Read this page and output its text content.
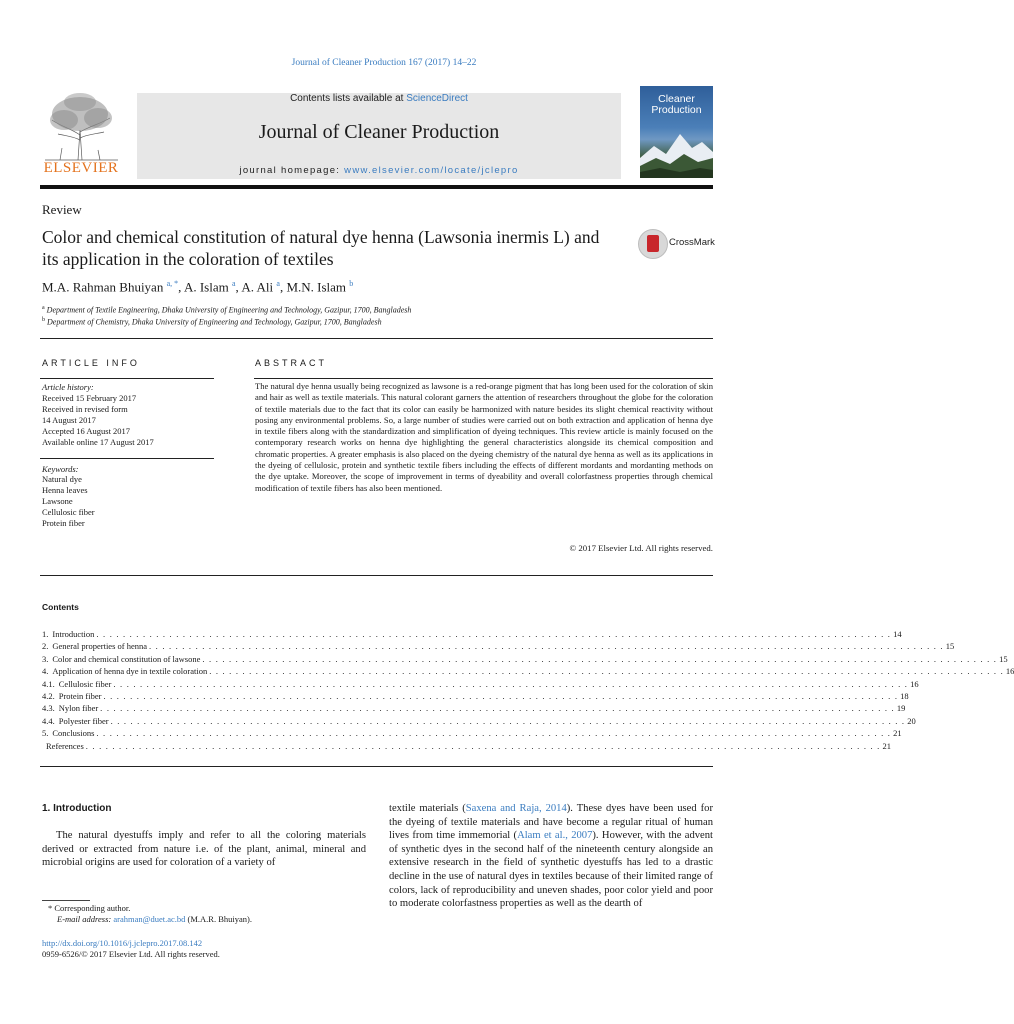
Journal of Cleaner Production 167 (2017) 14–22
ELSEVIER
Contents lists available at ScienceDirect
Journal of Cleaner Production
journal homepage: www.elsevier.com/locate/jclepro
Cleaner
Production
Review
Color and chemical constitution of natural dye henna (Lawsonia inermis L) and its application in the coloration of textiles
CrossMark
M.A. Rahman Bhuiyan $^{a, *}$, A. Islam $^a$, A. Ali $^a$, M.N. Islam $^b$
$^a$ Department of Textile Engineering, Dhaka University of Engineering and Technology, Gazipur, 1700, Bangladesh
$^b$ Department of Chemistry, Dhaka University of Engineering and Technology, Gazipur, 1700, Bangladesh
ARTICLE INFO
Article history:
Received 15 February 2017
Received in revised form
14 August 2017
Accepted 16 August 2017
Available online 17 August 2017
Keywords:
Natural dye
Henna leaves
Lawsone
Cellulosic fiber
Protein fiber
ABSTRACT
The natural dye henna usually being recognized as lawsone is a red-orange pigment that has long been used for the coloration of skin and hair as well as textile materials. This natural colorant garners the attention of researchers throughout the globe for the coloration of textile materials due to the fact that its color can easily be harmonized with nature besides its slight chemical reactivity without posing any environmental problems. So, a large number of studies were carried out on both extraction and application of henna dye in textile fibers along with the standardization and simplification of dyeing techniques. This review article is mainly focused on the contemporary research works on henna dye highlighting the general characteristics alongside its chemical composition and chromatic properties. A greater emphasis is also placed on the dyeing chemistry of the natural dye henna as well as its applications in the dyeing of cellulosic, protein and synthetic textile fibers including the effects of different mordants and mordanting methods on the dye uptake. Moreover, the scope of improvement in terms of dyeability and overall colorfastness properties through chemical modification of textile fibers has also been mentioned.
© 2017 Elsevier Ltd. All rights reserved.
Contents
1. Introduction . . . . . . . . . . . . . . . . . . . . . . . . . . . . . . . . . . . . . . . . . . . . . . . . . . . . . . . . . . . . . . . . . . . . . . . . . . . . . . . . . . . . . . . . . . . . . . . . . . . . . . . . . . . . . . . . . . . . . . . . 14
2. General properties of henna . . . . . . . . . . . . . . . . . . . . . . . . . . . . . . . . . . . . . . . . . . . . . . . . . . . . . . . . . . . . . . . . . . . . . . . . . . . . . . . . . . . . . . . . . . . . . . . . . . . . . . . . . . . . . . . . . . . . . . . . 15
3. Color and chemical constitution of lawsone . . . . . . . . . . . . . . . . . . . . . . . . . . . . . . . . . . . . . . . . . . . . . . . . . . . . . . . . . . . . . . . . . . . . . . . . . . . . . . . . . . . . . . . . . . . . . . . . . . . . . . . . . . . . . . . . . . . . . . . . 15
4. Application of henna dye in textile coloration . . . . . . . . . . . . . . . . . . . . . . . . . . . . . . . . . . . . . . . . . . . . . . . . . . . . . . . . . . . . . . . . . . . . . . . . . . . . . . . . . . . . . . . . . . . . . . . . . . . . . . . . . . . . . . . . . . . . . . . . 16
4.1. Cellulosic fiber . . . . . . . . . . . . . . . . . . . . . . . . . . . . . . . . . . . . . . . . . . . . . . . . . . . . . . . . . . . . . . . . . . . . . . . . . . . . . . . . . . . . . . . . . . . . . . . . . . . . . . . . . . . . . . . . . . . . . . . . 16
4.2. Protein fiber . . . . . . . . . . . . . . . . . . . . . . . . . . . . . . . . . . . . . . . . . . . . . . . . . . . . . . . . . . . . . . . . . . . . . . . . . . . . . . . . . . . . . . . . . . . . . . . . . . . . . . . . . . . . . . . . . . . . . . . . 18
4.3. Nylon fiber . . . . . . . . . . . . . . . . . . . . . . . . . . . . . . . . . . . . . . . . . . . . . . . . . . . . . . . . . . . . . . . . . . . . . . . . . . . . . . . . . . . . . . . . . . . . . . . . . . . . . . . . . . . . . . . . . . . . . . . . 19
4.4. Polyester fiber . . . . . . . . . . . . . . . . . . . . . . . . . . . . . . . . . . . . . . . . . . . . . . . . . . . . . . . . . . . . . . . . . . . . . . . . . . . . . . . . . . . . . . . . . . . . . . . . . . . . . . . . . . . . . . . . . . . . . . . . 20
5. Conclusions . . . . . . . . . . . . . . . . . . . . . . . . . . . . . . . . . . . . . . . . . . . . . . . . . . . . . . . . . . . . . . . . . . . . . . . . . . . . . . . . . . . . . . . . . . . . . . . . . . . . . . . . . . . . . . . . . . . . . . . . 21
References . . . . . . . . . . . . . . . . . . . . . . . . . . . . . . . . . . . . . . . . . . . . . . . . . . . . . . . . . . . . . . . . . . . . . . . . . . . . . . . . . . . . . . . . . . . . . . . . . . . . . . . . . . . . . . . . . . . . . . . . 21
1. Introduction
The natural dyestuffs imply and refer to all the coloring materials derived or extracted from nature i.e. of the plant, animal, mineral and microbial origins are used for coloration of a variety of
textile materials (Saxena and Raja, 2014). These dyes have been used for the dyeing of textile materials and have become a regular ritual of human lives from time immemorial (Alam et al., 2007). However, with the advent of synthetic dyes in the second half of the nineteenth century alongside an extensive research in the field of synthetic dyestuffs has led to a drastic decline in the use of natural dyes in textiles because of their limited range of colors, lack of reproducibility and uneven shades, poor color yield and poor to moderate colorfastness properties as well as the dearth of
* Corresponding author.
E-mail address: arahman@duet.ac.bd (M.A.R. Bhuiyan).
http://dx.doi.org/10.1016/j.jclepro.2017.08.142
0959-6526/© 2017 Elsevier Ltd. All rights reserved.
